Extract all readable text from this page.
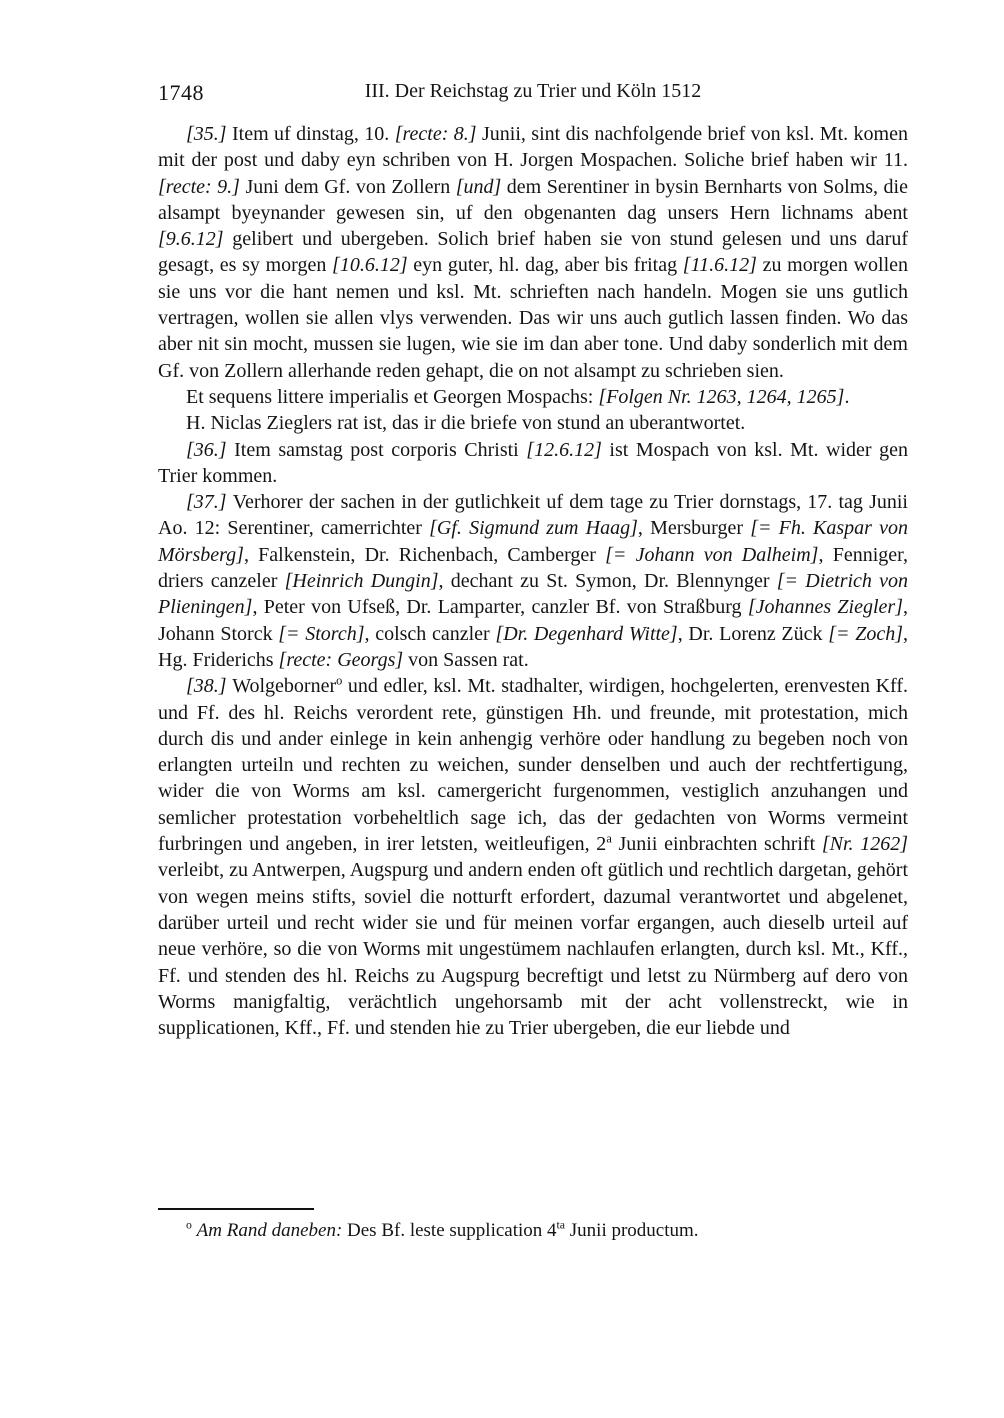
1748	III. Der Reichstag zu Trier und Köln 1512

[35.] Item uf dinstag, 10. [recte: 8.] Junii, sint dis nachfolgende brief von ksl. Mt. komen mit der post und daby eyn schriben von H. Jorgen Mospachen. Soliche brief haben wir 11. [recte: 9.] Juni dem Gf. von Zollern [und] dem Serentiner in bysin Bernharts von Solms, die alsampt byeynander gewesen sin, uf den obgenanten dag unsers Hern lichnams abent [9.6.12] gelibert und ubergeben. Solich brief haben sie von stund gelesen und uns daruf gesagt, es sy morgen [10.6.12] eyn guter, hl. dag, aber bis fritag [11.6.12] zu morgen wollen sie uns vor die hant nemen und ksl. Mt. schrieften nach handeln. Mogen sie uns gutlich vertragen, wollen sie allen vlys verwenden. Das wir uns auch gutlich lassen finden. Wo das aber nit sin mocht, mussen sie lugen, wie sie im dan aber tone. Und daby sonderlich mit dem Gf. von Zollern allerhande reden gehapt, die on not alsampt zu schrieben sien.

Et sequens littere imperialis et Georgen Mospachs: [Folgen Nr. 1263, 1264, 1265].

H. Niclas Zieglers rat ist, das ir die briefe von stund an uberantwortet.

[36.] Item samstag post corporis Christi [12.6.12] ist Mospach von ksl. Mt. wider gen Trier kommen.

[37.] Verhorer der sachen in der gutlichkeit uf dem tage zu Trier dornstags, 17. tag Junii Ao. 12: Serentiner, camerrichter [Gf. Sigmund zum Haag], Mersburger [= Fh. Kaspar von Mörsberg], Falkenstein, Dr. Richenbach, Camberger [= Johann von Dalheim], Fenniger, driers canzeler [Heinrich Dungin], dechant zu St. Symon, Dr. Blennynger [= Dietrich von Plieningen], Peter von Ufseß, Dr. Lamparter, canzler Bf. von Straßburg [Johannes Ziegler], Johann Storck [= Storch], colsch canzler [Dr. Degenhard Witte], Dr. Lorenz Zück [= Zoch], Hg. Friderichs [recte: Georgs] von Sassen rat.

[38.] Wolgeborner$^o$ und edler, ksl. Mt. stadhalter, wirdigen, hochgelerten, erenvesten Kff. und Ff. des hl. Reichs verordent rete, günstigen Hh. und freunde, mit protestation, mich durch dis und ander einlege in kein anhengig verhöre oder handlung zu begeben noch von erlangten urteiln und rechten zu weichen, sunder denselben und auch der rechtfertigung, wider die von Worms am ksl. camergericht furgenommen, vestiglich anzuhangen und semlicher protestation vorbeheltlich sage ich, das der gedachten von Worms vermeint furbringen und angeben, in irer letsten, weitleufigen, 2$^a$ Junii einbrachten schrift [Nr. 1262] verleibt, zu Antwerpen, Augspurg und andern enden oft gütlich und rechtlich dargetan, gehört von wegen meins stifts, soviel die notturft erfordert, dazumal verantwortet und abgelenet, darüber urteil und recht wider sie und für meinen vorfar ergangen, auch dieselb urteil auf neue verhöre, so die von Worms mit ungestümem nachlaufen erlangten, durch ksl. Mt., Kff., Ff. und stenden des hl. Reichs zu Augspurg becreftigt und letst zu Nürmberg auf dero von Worms manigfaltig, verächtlich ungehorsamb mit der acht vollenstreckt, wie in supplicationen, Kff., Ff. und stenden hie zu Trier ubergeben, die eur liebde und

$^o$ Am Rand daneben: Des Bf. leste supplication $4^{ta}$ Junii productum.
